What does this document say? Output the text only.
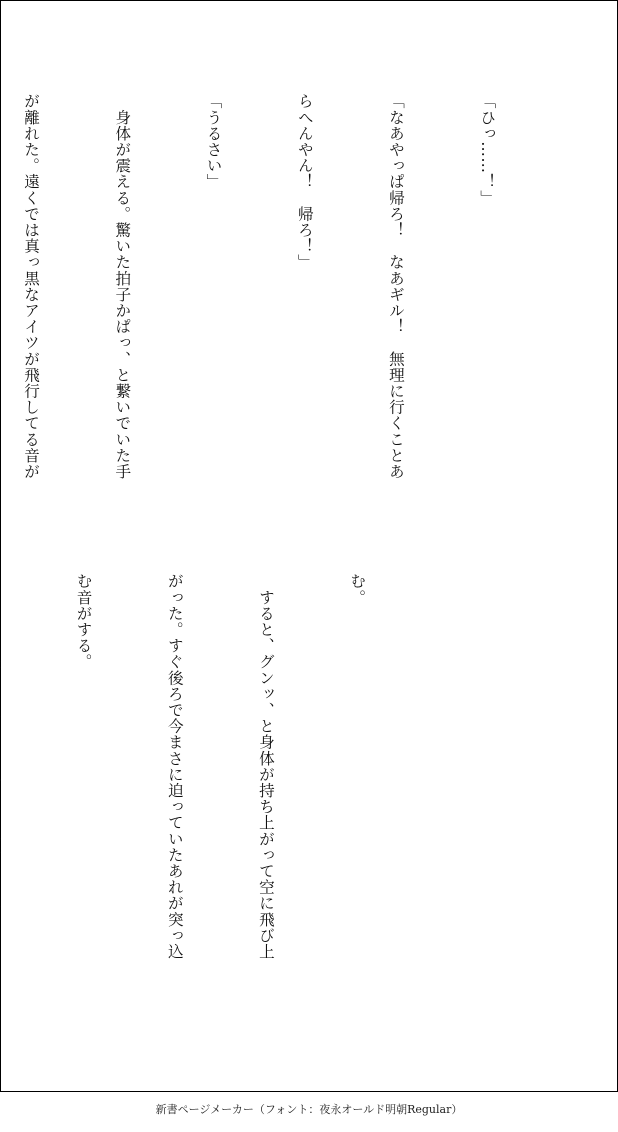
「ひっ……！」

「なあやっぱ帰ろ！　なあギル！　無理に行くことあ

らへんやん！　帰ろ！」

「うるさい」

　身体が震える。驚いた拍子かぱっ、と繋いでいた手

が離れた。遠くでは真っ黒なアイツが飛行してる音が

む。

　すると、グンッ、と身体が持ち上がって空に飛び上

がった。すぐ後ろで今まさに迫っていたあれが突っ込

む音がする。

新書ページメーカー（フォント：夜永オールド明朝Regular）
